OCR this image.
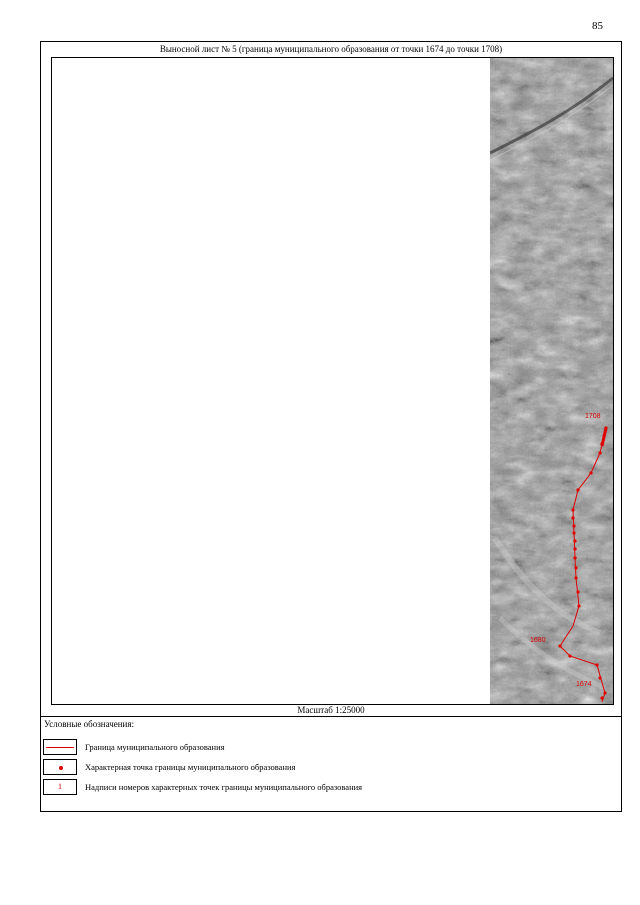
85
Выносной лист № 5 (граница муниципального образования от точки 1674 до точки 1708)
1708
1680
1674
Масштаб 1:25000
Условные обозначения:
Граница муниципального образования
Характерная точка границы муниципального образования
1	Надписи номеров характерных точек границы муниципального образования
